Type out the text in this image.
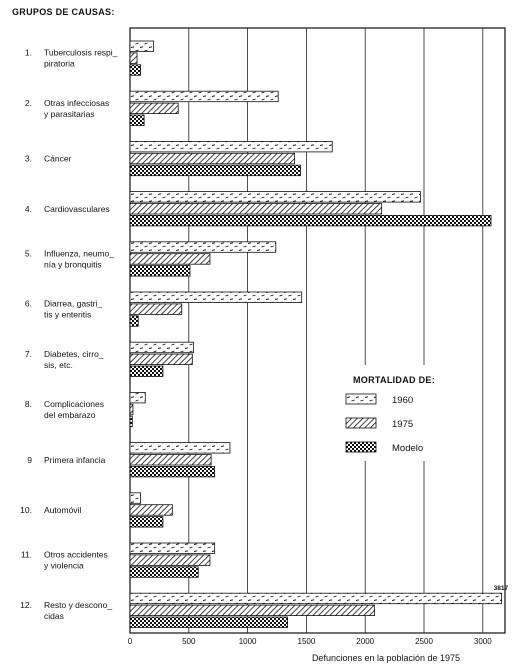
GRUPOS DE CAUSAS:
3817
1. Tuberculosis respi_ piratoria
2. Otras infecciosas y parasitarias
3. Cáncer
4. Cardiovasculares
5. Influenza, neumo_ nía y bronquitis
6. Diarrea, gastri_ tis y enteritis
7. Diabetes, cirro_ sis, etc.
8. Complicaciones del embarazo
9 Primera infancia
10. Automóvil
11. Otros accidentes y violencia
12. Resto y descono_ cidas
0	500	1000	1500	2000	2500	3000
MORTALIDAD DE:
1960
1975
Modelo
Defunciones en la población de 1975
